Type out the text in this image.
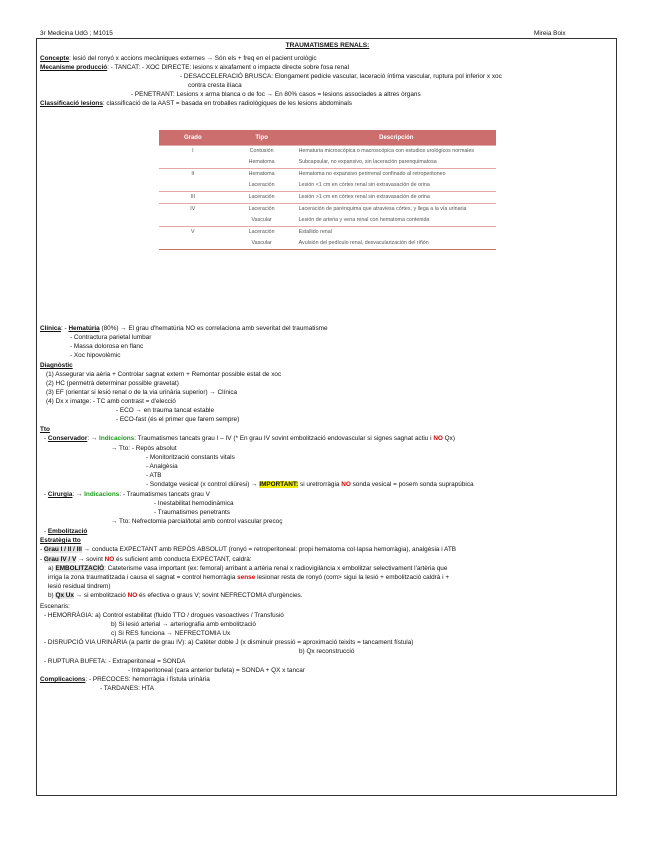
3r Medicina UdG ; M1015	Mireia Boix
TRAUMATISMES RENALS:
Concepte: lesió del ronyó x accions mecàniques externes → Són els + freq en el pacient urològic
Mecanisme producció: - TANCAT: - XOC DIRECTE: lesions x aixafament o impacte directe sobre fosa renal
- DESACCELERACIÓ BRUSCA: Elongament pedicle vascular, laceració íntima vascular, ruptura pol inferior x xoc
contra cresta ilíaca
- PENETRANT: Lesions x arma blanca o de foc → En 80% casos = lesions associades a altres òrgans
Classificació lesions: classificació de la AAST = basada en troballes radiològiques de les lesions abdominals
Grado	Tipo	Descripción
I	Contusión	Hematuria microscópica o macroscópica con estudios urológicos normales
	Hematoma	Subcapsular, no expansivo, sin laceración parenquimatosa
II	Hematoma	Hematoma no expansivo perirrenal confinado al retroperitoneo
	Laceración	Lesión <1 cm en córtex renal sin extravasación de orina
III	Laceración	Lesión >1 cm en córtex renal sin extravasación de orina
IV	Laceración	Laceración de parénquima que atraviesa córtex, y llega a la vía urinaria
	Vascular	Lesión de arteria y vena renal con hematoma contenida
V	Laceración	Estallido renal
	Vascular	Avulsión del pedículo renal, desvacularización del riñón
Clínica: - Hematúria (80%) → El grau d'hematúria NO es correlaciona amb severitat del traumatisme
- Contractura parietal lumbar
- Massa dolorosa en flanc
- Xoc hipovolèmic
Diagnòstic
(1) Assegurar via aèria + Controlar sagnat extern + Remontar possible estat de xoc
(2) HC (permetrà determinar possible gravetat)
(3) EF (orientar si lesió renal o de la via urinària superior) → Clínica
(4) Dx x imatge: - TC amb contrast = d'elecció
- ECO → en trauma tancat estable
- ECO-fast (és el primer que farem sempre)
Tto
- Conservador: → Indicacions: Traumatismes tancats grau I – IV (* En grau IV sovint embolització endovascular si signes sagnat actiu i NO Qx)
→ Tto: - Repòs absolut
- Monitorització constants vitals
- Analgèsia
- ATB
- Sondatge vesical (x control diüresi) → IMPORTANT: si uretrorràgia NO sonda vesical = posem sonda suprapúbica
- Cirurgia: → Indicacions: - Traumatismes tancats grau V
- Inestabilitat hemodinàmica
- Traumatismes penetrants
→ Tto: Nefrectomia parcial/total amb control vascular precoç
- Embolització
Estratègia tto
- Grau I / II / III → conducta EXPECTANT amb REPÒS ABSOLUT (ronyó = retroperitoneal: propi hematoma col·lapsa hemorràgia), analgèsia i ATB
- Grau IV / V → sovint NO és suficient amb conducta EXPECTANT, caldrà:
a) EMBOLITZACIÓ: Cateterisme vasa important (ex: femoral) arribant a artèria renal x radiovigilància x embolitzar selectivament l'artèria que
irriga la zona traumatitzada i causa el sagnat = control hemorràgia sense lesionar resta de ronyó (com> sigui la lesió + embolització caldrà i +
lesió residual tindrem)
b) Qx Ux → si embolització NO és efectiva o graus V; sovint NEFRECTOMIA d'urgències.
Escenaris:
- HEMORRÀGIA: a) Control estabilitat (fluido TTO / drogues vasoactives / Transfusió
b) Si lesió arterial → arteriografia amb embolització
c) Si RES funciona → NEFRECTOMIA Ux
- DISRUPCIÓ VIA URINÀRIA (a partir de grau IV): a) Catèter doble J (x disminuir pressió = aproximació teixits = tancament fístula)
b) Qx reconstrucció
- RUPTURA BUFETA: - Extraperitoneal = SONDA
- Intraperitoneal (cara anterior bufeta) = SONDA + QX x tancar
Complicacions: - PRECOCES: hemorràgia i fístula urinària
- TARDANES: HTA
